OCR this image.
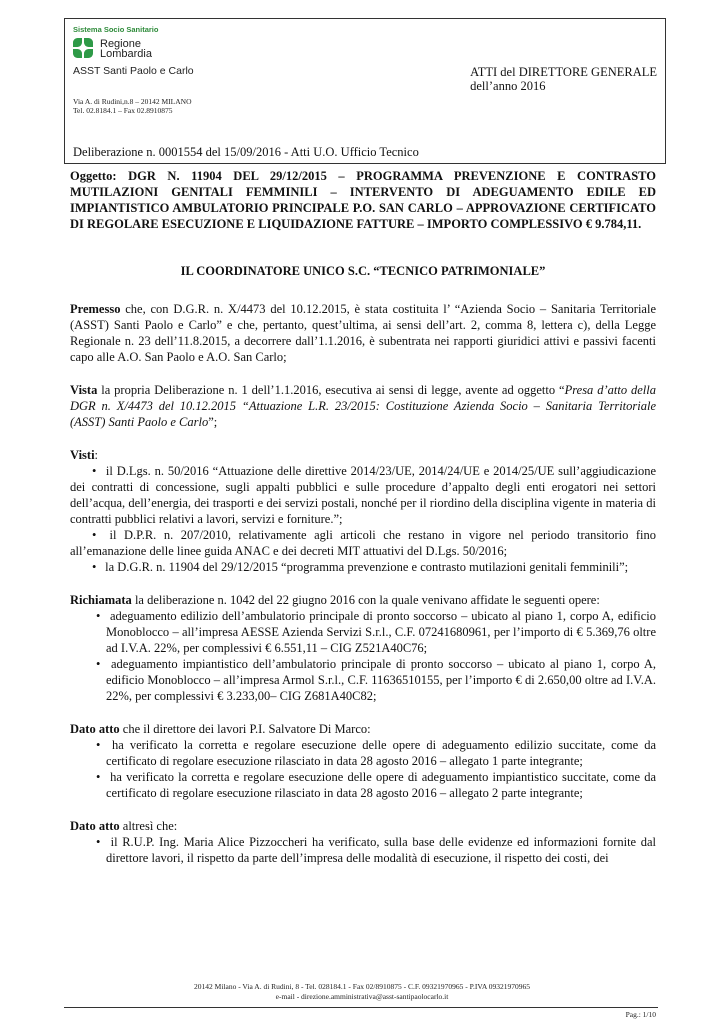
Sistema Socio Sanitario
Regione
Lombardia
ASST Santi Paolo e Carlo
Via A. di Rudini,n.8 – 20142 MILANO
Tel. 02.8184.1 – Fax 02.8910875
ATTI del DIRETTORE GENERALE
dell’anno 2016
Deliberazione n. 0001554 del 15/09/2016 - Atti U.O. Ufficio Tecnico

Oggetto: DGR N. 11904 DEL 29/12/2015 – PROGRAMMA PREVENZIONE E CONTRASTO MUTILAZIONI GENITALI FEMMINILI – INTERVENTO DI ADEGUAMENTO EDILE ED IMPIANTISTICO AMBULATORIO PRINCIPALE P.O. SAN CARLO – APPROVAZIONE CERTIFICATO DI REGOLARE ESECUZIONE E LIQUIDAZIONE FATTURE – IMPORTO COMPLESSIVO € 9.784,11.

IL COORDINATORE UNICO S.C. “TECNICO PATRIMONIALE”

Premesso che, con D.G.R. n. X/4473 del 10.12.2015, è stata costituita l’ “Azienda Socio – Sanitaria Territoriale (ASST) Santi Paolo e Carlo” e che, pertanto, quest’ultima, ai sensi dell’art. 2, comma 8, lettera c), della Legge Regionale n. 23 dell’11.8.2015, a decorrere dall’1.1.2016, è subentrata nei rapporti giuridici attivi e passivi facenti capo alle A.O. San Paolo e A.O. San Carlo;

Vista la propria Deliberazione n. 1 dell’1.1.2016, esecutiva ai sensi di legge, avente ad oggetto “Presa d’atto della DGR n. X/4473 del 10.12.2015 “Attuazione L.R. 23/2015: Costituzione Azienda Socio – Sanitaria Territoriale (ASST) Santi Paolo e Carlo”;

Visti:

• il D.Lgs. n. 50/2016 “Attuazione delle direttive 2014/23/UE, 2014/24/UE e 2014/25/UE sull’aggiudicazione dei contratti di concessione, sugli appalti pubblici e sulle procedure d’appalto degli enti erogatori nei settori dell’acqua, dell’energia, dei trasporti e dei servizi postali, nonché per il riordino della disciplina vigente in materia di contratti pubblici relativi a lavori, servizi e forniture.”;
• il D.P.R. n. 207/2010, relativamente agli articoli che restano in vigore nel periodo transitorio fino all’emanazione delle linee guida ANAC e dei decreti MIT attuativi del D.Lgs. 50/2016;
• la D.G.R. n. 11904 del 29/12/2015 “programma prevenzione e contrasto mutilazioni genitali femminili”;

Richiamata la deliberazione n. 1042 del 22 giugno 2016 con la quale venivano affidate le seguenti opere:

• adeguamento edilizio dell’ambulatorio principale di pronto soccorso – ubicato al piano 1, corpo A, edificio Monoblocco – all’impresa AESSE Azienda Servizi S.r.l., C.F. 07241680961, per l’importo di € 5.369,76 oltre ad I.V.A. 22%, per complessivi € 6.551,11 – CIG Z521A40C76;
• adeguamento impiantistico dell’ambulatorio principale di pronto soccorso – ubicato al piano 1, corpo A, edificio Monoblocco – all’impresa Armol S.r.l., C.F. 11636510155, per l’importo € di 2.650,00 oltre ad I.V.A. 22%, per complessivi € 3.233,00– CIG Z681A40C82;

Dato atto che il direttore dei lavori P.I. Salvatore Di Marco:

• ha verificato la corretta e regolare esecuzione delle opere di adeguamento edilizio succitate, come da certificato di regolare esecuzione rilasciato in data 28 agosto 2016 – allegato 1 parte integrante;
• ha verificato la corretta e regolare esecuzione delle opere di adeguamento impiantistico succitate, come da certificato di regolare esecuzione rilasciato in data 28 agosto 2016 – allegato 2 parte integrante;

Dato atto altresì che:

• il R.U.P. Ing. Maria Alice Pizzoccheri ha verificato, sulla base delle evidenze ed informazioni fornite dal direttore lavori, il rispetto da parte dell’impresa delle modalità di esecuzione, il rispetto dei costi, dei
20142 Milano - Via A. di Rudini, 8 - Tel. 028184.1 - Fax 02/8910875 - C.F. 09321970965 - P.IVA 09321970965
e-mail - direzione.amministrativa@asst-santipaolocarlo.it
Pag.: 1/10
